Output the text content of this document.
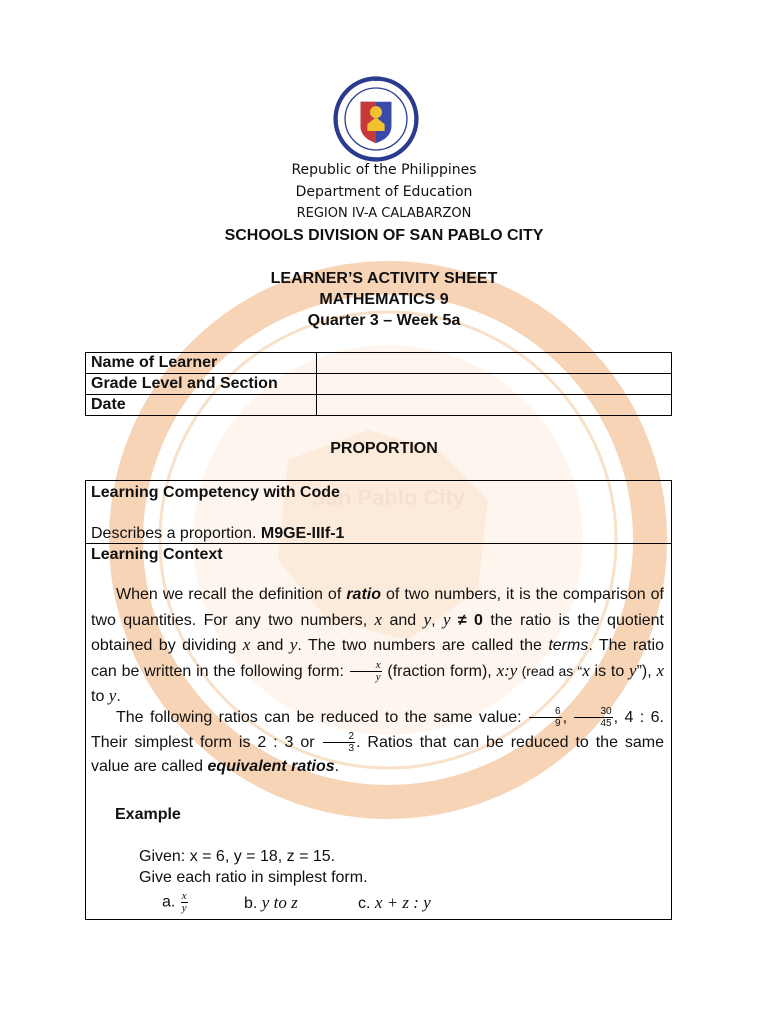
San Pablo City
Republic of the Philippines
Department of Education
REGION IV-A CALABARZON
SCHOOLS DIVISION OF SAN PABLO CITY
LEARNER’S ACTIVITY SHEET
MATHEMATICS 9
Quarter 3 – Week 5a
Name of Learner	
Grade Level and Section	
Date	
PROPORTION
Learning Competency with Code
Describes a proportion. M9GE-IIIf-1
Learning Context
When we recall the definition of ratio of two numbers, it is the comparison of two quantities. For any two numbers, x and y, y ≠ 0 the ratio is the quotient obtained by dividing x and y. The two numbers are called the terms. The ratio can be written in the following form: $\frac{x}{y}$ (fraction form), x:y (read as “x is to y”), x to y.
The following ratios can be reduced to the same value: $\frac{6}{9}$ , $\frac{30}{45}$ , 4 : 6. Their simplest form is 2 : 3 or $\frac{2}{3}$ . Ratios that can be reduced to the same value are called equivalent ratios.
Example
Given: x = 6, y = 18, z = 15.
Give each ratio in simplest form.
a. $\frac{x}{y}$	b. y to z	c. x + z : y
